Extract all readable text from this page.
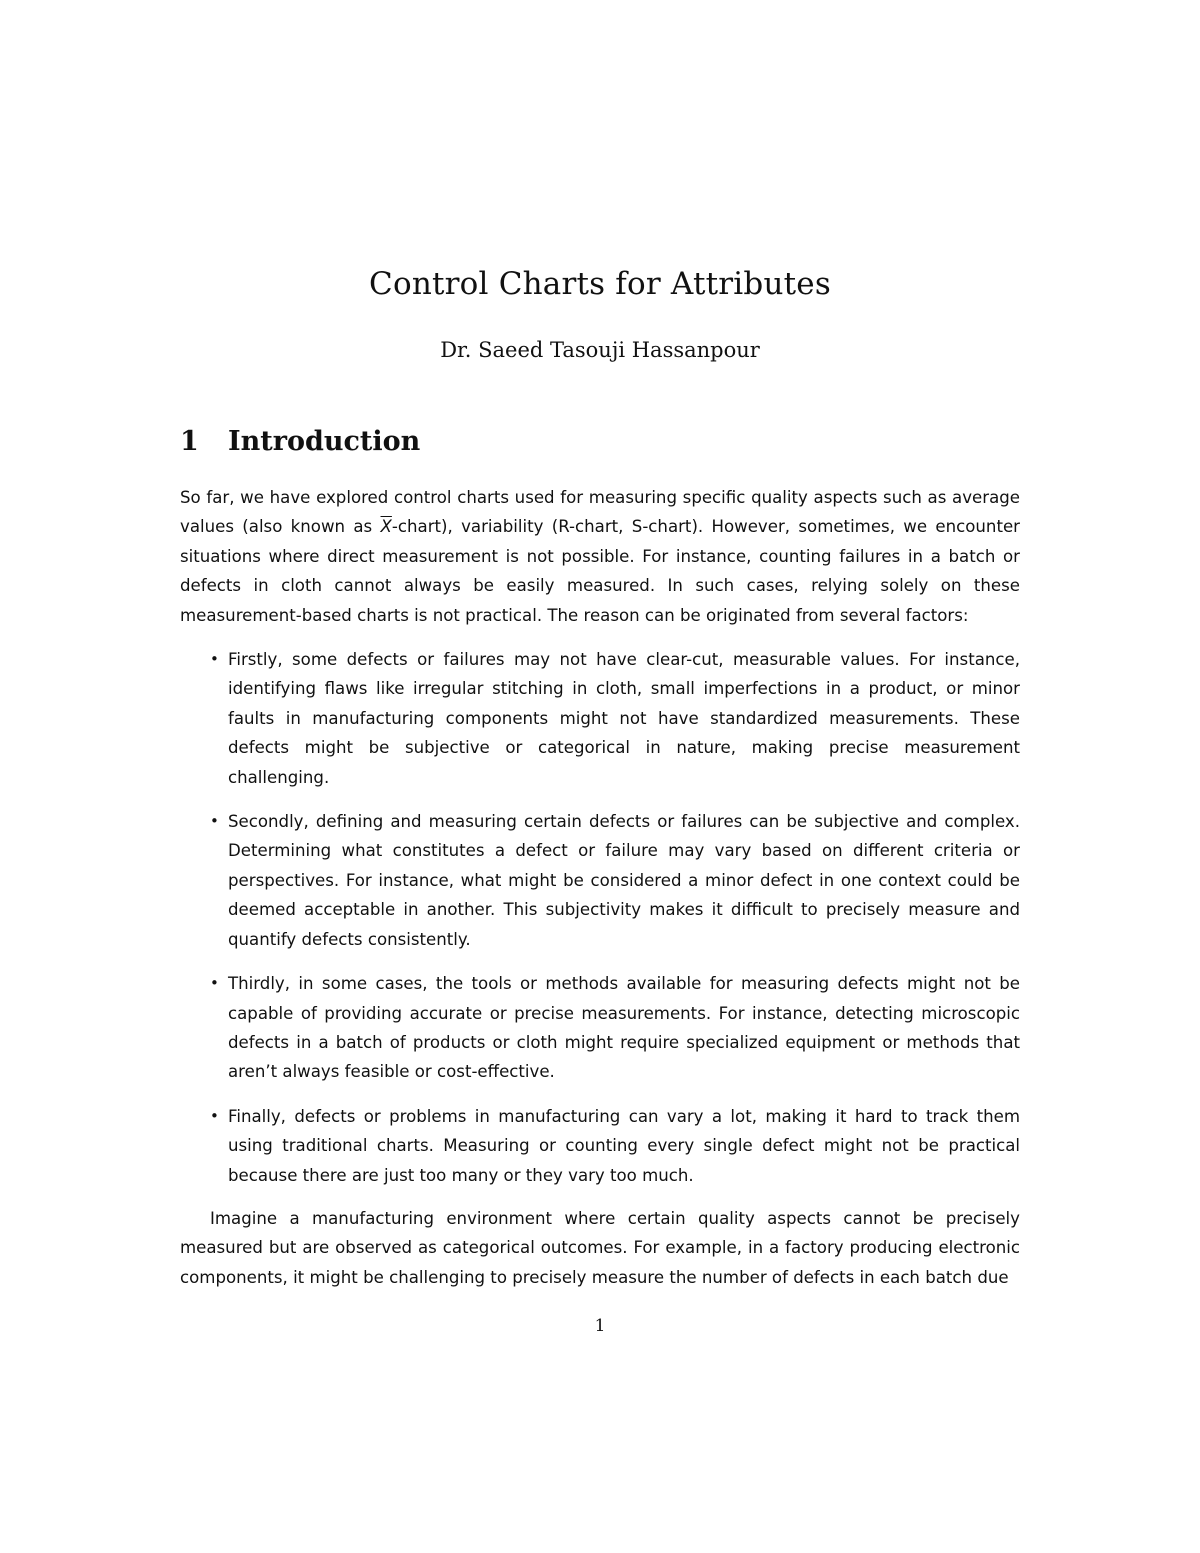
Control Charts for Attributes
Dr. Saeed Tasouji Hassanpour
1 Introduction

So far, we have explored control charts used for measuring specific quality aspects such as average values (also known as $\overline{X}-chart$), variability (R-chart, S-chart). However, sometimes, we encounter situations where direct measurement is not possible. For instance, counting failures in a batch or defects in cloth cannot always be easily measured. In such cases, relying solely on these measurement-based charts is not practical. The reason can be originated from several factors:

• Firstly, some defects or failures may not have clear-cut, measurable values. For instance, identifying flaws like irregular stitching in cloth, small imperfections in a product, or minor faults in manufacturing components might not have standardized measurements. These defects might be subjective or categorical in nature, making precise measurement challenging.
• Secondly, defining and measuring certain defects or failures can be subjective and complex. Determining what constitutes a defect or failure may vary based on different criteria or perspectives. For instance, what might be considered a minor defect in one context could be deemed acceptable in another. This subjectivity makes it difficult to precisely measure and quantify defects consistently.
• Thirdly, in some cases, the tools or methods available for measuring defects might not be capable of providing accurate or precise measurements. For instance, detecting microscopic defects in a batch of products or cloth might require specialized equipment or methods that aren’t always feasible or cost-effective.
• Finally, defects or problems in manufacturing can vary a lot, making it hard to track them using traditional charts. Measuring or counting every single defect might not be practical because there are just too many or they vary too much.

Imagine a manufacturing environment where certain quality aspects cannot be precisely measured but are observed as categorical outcomes. For example, in a factory producing electronic components, it might be challenging to precisely measure the number of defects in each batch due

1
